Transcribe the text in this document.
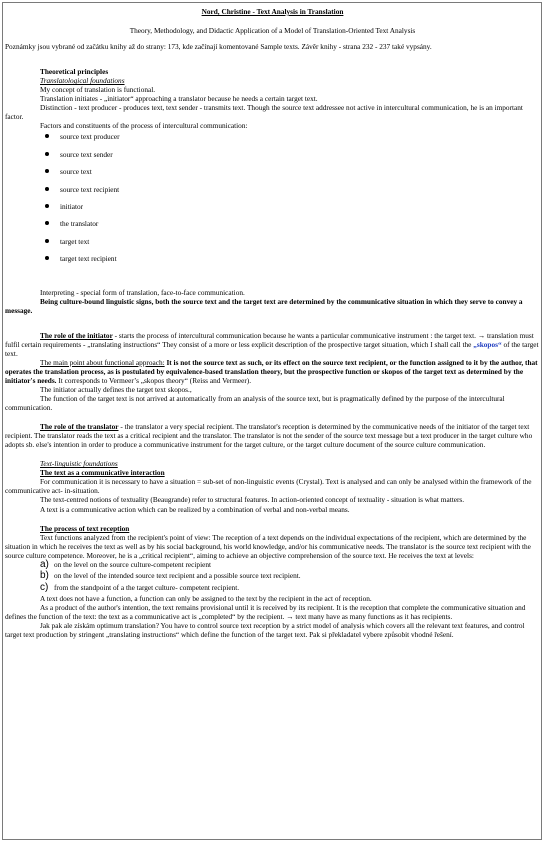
Nord, Christine - Text Analysis in Translation
Theory, Methodology, and Didactic Application of a Model of Translation-Oriented Text Analysis

Poznámky jsou vybrané od začátku knihy až do strany: 173, kde začínají komentované Sample texts. Závěr knihy - strana 232 - 237 také vypsány.

Theoretical principles
Translatological foundations
My concept of translation is functional.
Translation initiates - „initiator“ approaching a translator because he needs a certain target text.

Distinction - text producer - produces text, text sender - transmits text. Though the source text addressee not active in intercultural communication, he is an important factor.

Factors and constituents of the process of intercultural communication:
source text producer
source text sender
source text
source text recipient
initiator
the translator
target text
target text recipient
Interpreting - special form of translation, face-to-face communication.

Being culture-bound linguistic signs, both the source text and the target text are determined by the communicative situation in which they serve to convey a message.

The role of the initiator - starts the process of intercultural communication because he wants a particular communicative instrument : the target text. → translation must fulfil certain requirements - „translating instructions“ They consist of a more or less explicit description of the prospective target situation, which I shall call the „skopos“ of the target text.

The main point about functional approach: It is not the source text as such, or its effect on the source text recipient, or the function assigned to it by the author, that operates the translation process, as is postulated by equivalence-based translation theory, but the prospective function or skopos of the target text as determined by the initiator's needs. It corresponds to Vermeer’s „skopos theory“ (Reiss and Vermeer).

The initiator actually defines the target text skopos.,

The function of the target text is not arrived at automatically from an analysis of the source text, but is pragmatically defined by the purpose of the intercultural communication.

The role of the translator - the translator a very special recipient. The translator's reception is determined by the communicative needs of the initiator of the target text recipient. The translator reads the text as a critical recipient and the translator. The translator is not the sender of the source text message but a text producer in the target culture who adopts sb. else's intention in order to produce a communicative instrument for the target culture, or the target culture document of the source culture communication.

Text-linguistic foundations
The text as a communicative interaction

For communication it is necessary to have a situation = sub-set of non-linguistic events (Crystal). Text is analysed and can only be analysed within the framework of the communicative act- in-situation.

The text-centred notions of textuality (Beaugrande) refer to structural features. In action-oriented concept of textuality - situation is what matters.

A text is a communicative action which can be realized by a combination of verbal and non-verbal means.

The process of text reception

Text functions analyzed from the recipient's point of view: The reception of a text depends on the individual expectations of the recipient, which are determined by the situation in which he receives the text as well as by his social background, his world knowledge, and/or his communicative needs. The translator is the source text recipient with the source culture competence. Moreover, he is a „critical recipient“, aiming to achieve an objective comprehension of the source text. He receives the text at levels:

a) on the level on the source culture-competent recipient
b) on the level of the intended source text recipient and a possible source text recipient.
c) from the standpoint of a the target culture- competent recipient.

A text does not have a function, a function can only be assigned to the text by the recipient in the act of reception.

As a product of the author's intention, the text remains provisional until it is received by its recipient. It is the reception that complete the communicative situation and defines the function of the text: the text as a communicative act is „completed“ by the recipient. → text many have as many functions as it has recipients.

Jak pak ale získám optimum translation? You have to control source text reception by a strict model of analysis which covers all the relevant text features, and control target text production by stringent „translating instructions“ which define the function of the target text. Pak si překladatel vybere způsobit vhodné řešení.
